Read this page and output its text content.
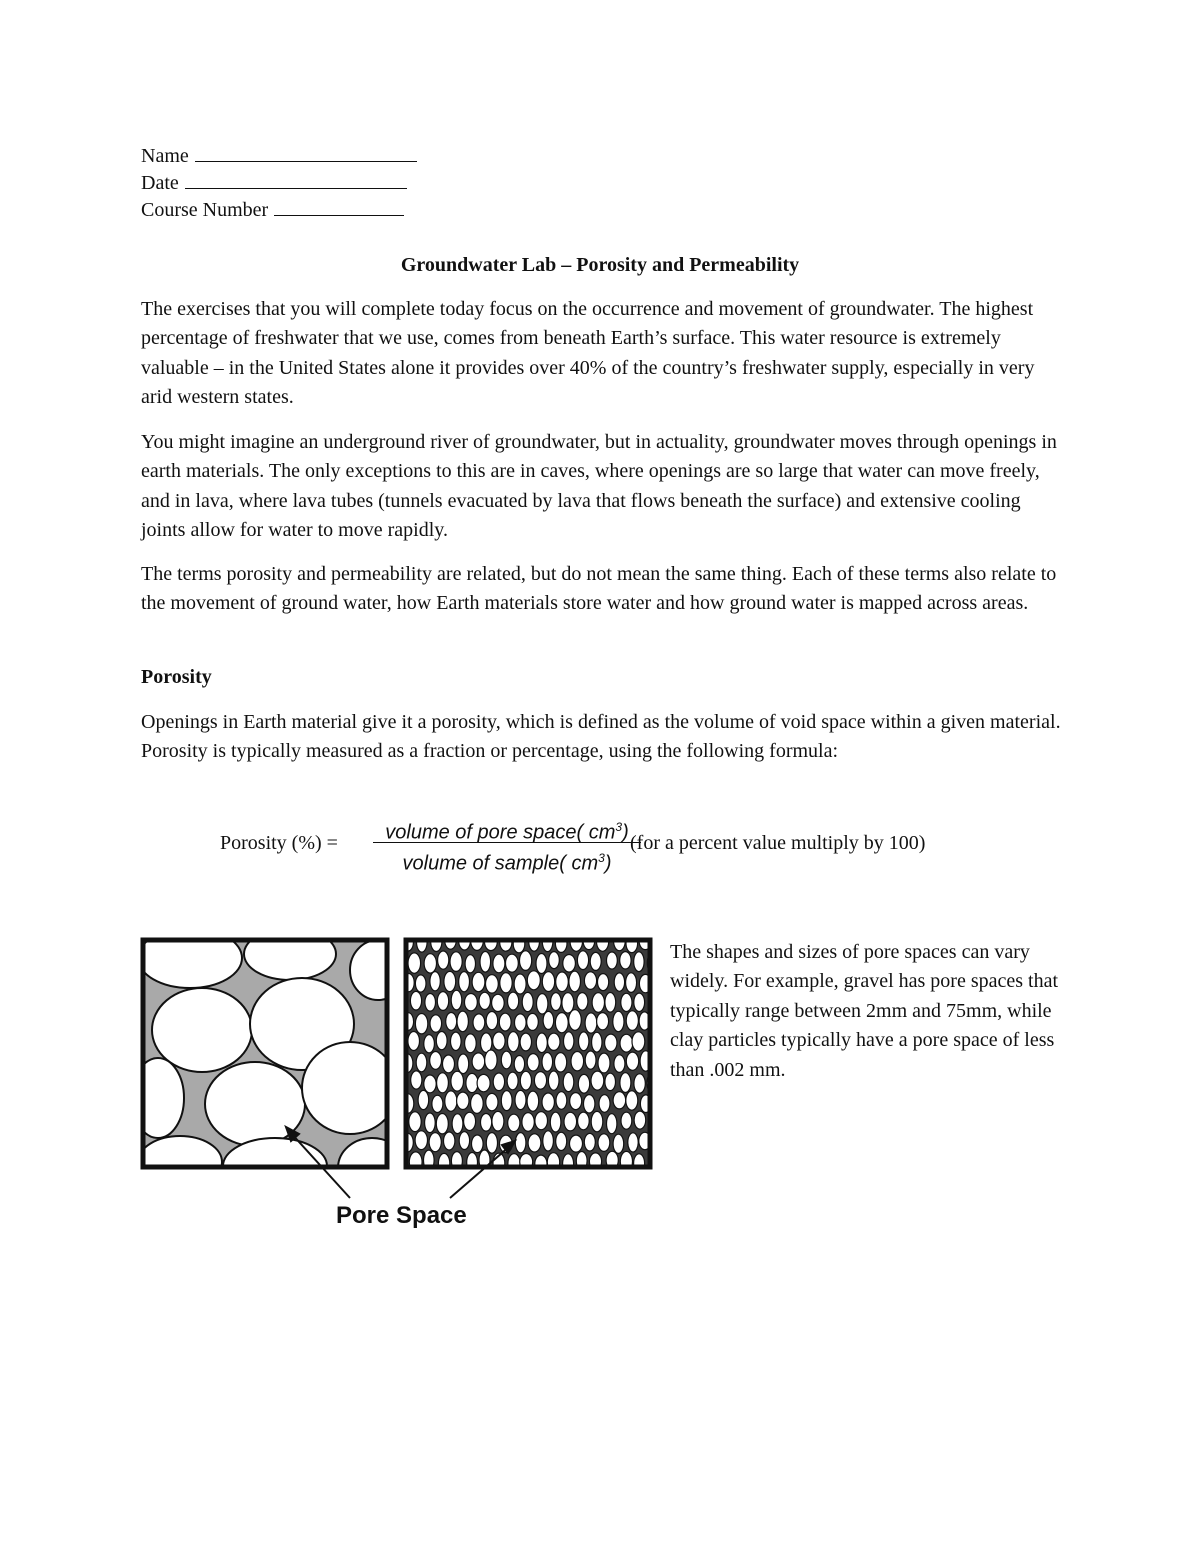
Name
Date
Course Number
Groundwater Lab – Porosity and Permeability

The exercises that you will complete today focus on the occurrence and movement of groundwater. The highest percentage of freshwater that we use, comes from beneath Earth’s surface. This water resource is extremely valuable – in the United States alone it provides over 40% of the country’s freshwater supply, especially in very arid western states.

You might imagine an underground river of groundwater, but in actuality, groundwater moves through openings in earth materials. The only exceptions to this are in caves, where openings are so large that water can move freely, and in lava, where lava tubes (tunnels evacuated by lava that flows beneath the surface) and extensive cooling joints allow for water to move rapidly.

The terms porosity and permeability are related, but do not mean the same thing. Each of these terms also relate to the movement of ground water, how Earth materials store water and how ground water is mapped across areas.

Porosity

Openings in Earth material give it a porosity, which is defined as the volume of void space within a given material. Porosity is typically measured as a fraction or percentage, using the following formula:

Porosity (%) =	volume of pore space( $cm^3$)
volume of sample( $cm^3$)
(for a percent value multiply by 100)
Pore Space

The shapes and sizes of pore spaces can vary widely. For example, gravel has pore spaces that typically range between 2mm and 75mm, while clay particles typically have a pore space of less than .002 mm.
